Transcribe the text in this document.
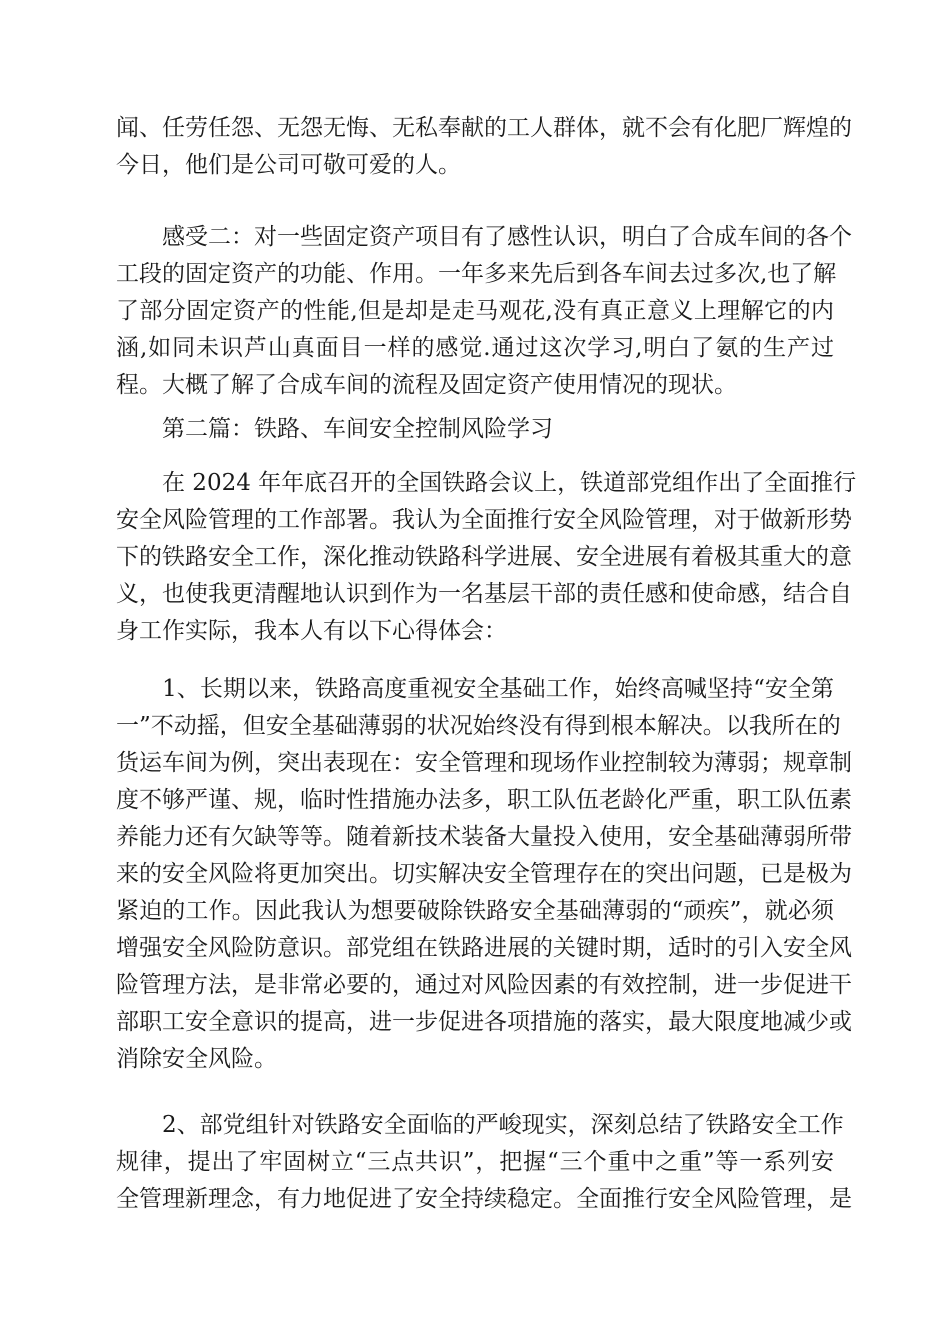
闻、任劳任怨、无怨无悔、无私奉献的工人群体，就不会有化肥厂辉煌的
今日，他们是公司可敬可爱的人。
　　感受二：对一些固定资产项目有了感性认识，明白了合成车间的各个
工段的固定资产的功能、作用。一年多来先后到各车间去过多次,也了解
了部分固定资产的性能,但是却是走马观花,没有真正意义上理解它的内
涵,如同未识芦山真面目一样的感觉.通过这次学习,明白了氨的生产过
程。大概了解了合成车间的流程及固定资产使用情况的现状。
　　第二篇：铁路、车间安全控制风险学习
　　在 2024 年年底召开的全国铁路会议上，铁道部党组作出了全面推行
安全风险管理的工作部署。我认为全面推行安全风险管理，对于做新形势
下的铁路安全工作，深化推动铁路科学进展、安全进展有着极其重大的意
义，也使我更清醒地认识到作为一名基层干部的责任感和使命感，结合自
身工作实际，我本人有以下心得体会：
　　1、长期以来，铁路高度重视安全基础工作，始终高喊坚持“安全第
一”不动摇，但安全基础薄弱的状况始终没有得到根本解决。以我所在的
货运车间为例，突出表现在：安全管理和现场作业控制较为薄弱；规章制
度不够严谨、规，临时性措施办法多，职工队伍老龄化严重，职工队伍素
养能力还有欠缺等等。随着新技术装备大量投入使用，安全基础薄弱所带
来的安全风险将更加突出。切实解决安全管理存在的突出问题，已是极为
紧迫的工作。因此我认为想要破除铁路安全基础薄弱的“顽疾”，就必须
增强安全风险防意识。部党组在铁路进展的关键时期，适时的引入安全风
险管理方法，是非常必要的，通过对风险因素的有效控制，进一步促进干
部职工安全意识的提高，进一步促进各项措施的落实，最大限度地减少或
消除安全风险。
　　2、部党组针对铁路安全面临的严峻现实，深刻总结了铁路安全工作
规律，提出了牢固树立“三点共识”，把握“三个重中之重”等一系列安
全管理新理念，有力地促进了安全持续稳定。全面推行安全风险管理，是
